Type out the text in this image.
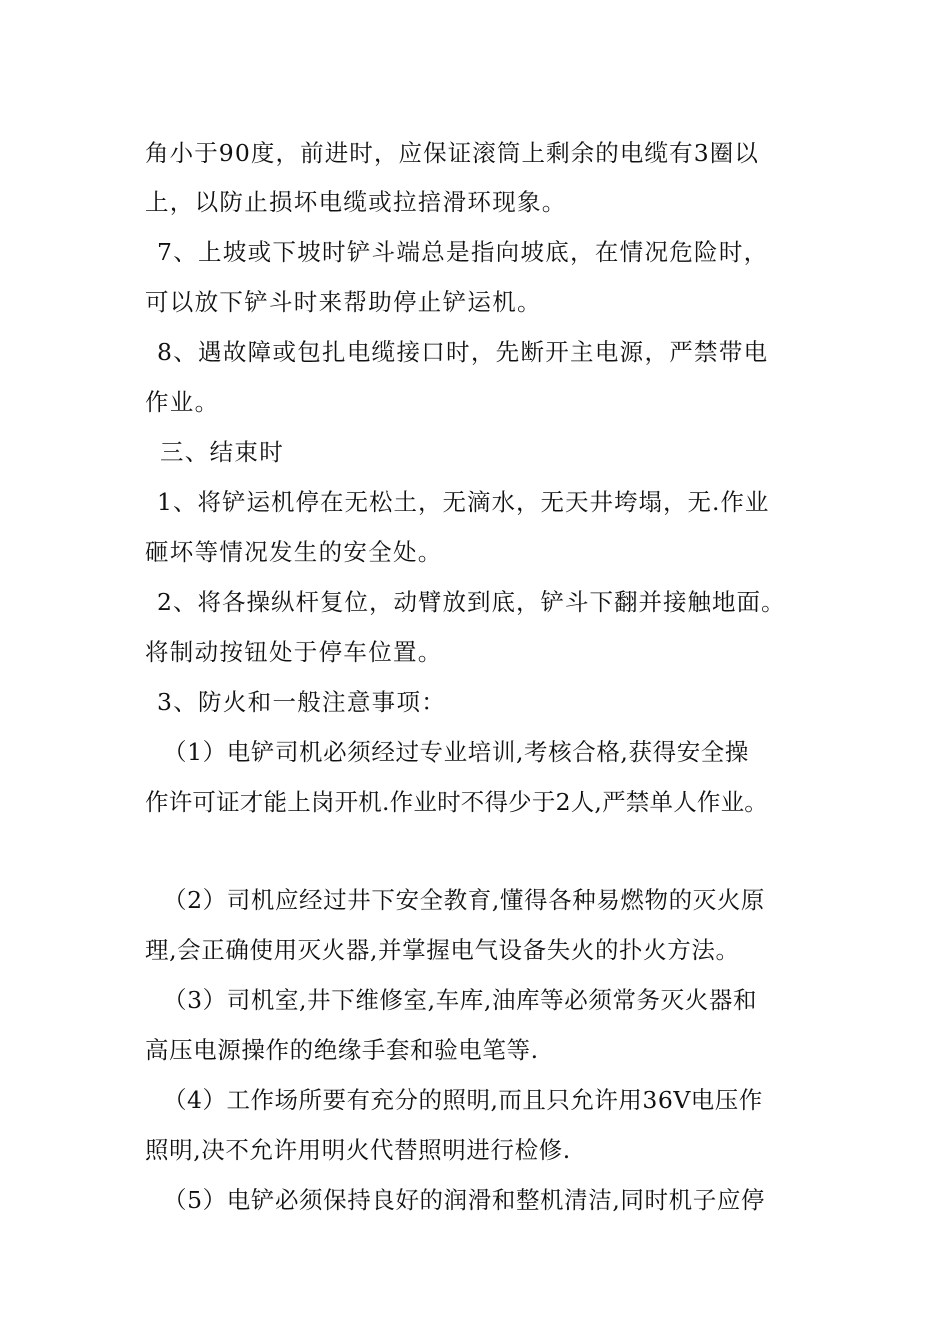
角小于90度，前进时，应保证滚筒上剩余的电缆有3圈以
上，以防止损坏电缆或拉掊滑环现象。
7、上坡或下坡时铲斗端总是指向坡底，在情况危险时，
可以放下铲斗时来帮助停止铲运机。
8、遇故障或包扎电缆接口时，先断开主电源，严禁带电
作业。
三、结束时
1、将铲运机停在无松土，无滴水，无天井垮塌，无.作业
砸坏等情况发生的安全处。
2、将各操纵杆复位，动臂放到底，铲斗下翻并接触地面。
将制动按钮处于停车位置。
3、防火和一般注意事项：
（1）电铲司机必须经过专业培训,考核合格,获得安全操
作许可证才能上岗开机.作业时不得少于2人,严禁单人作业。
（2）司机应经过井下安全教育,懂得各种易燃物的灭火原
理,会正确使用灭火器,并掌握电气设备失火的扑火方法。
（3）司机室,井下维修室,车库,油库等必须常务灭火器和
高压电源操作的绝缘手套和验电笔等.
（4）工作场所要有充分的照明,而且只允许用36V电压作
照明,决不允许用明火代替照明进行检修.
（5）电铲必须保持良好的润滑和整机清洁,同时机子应停
